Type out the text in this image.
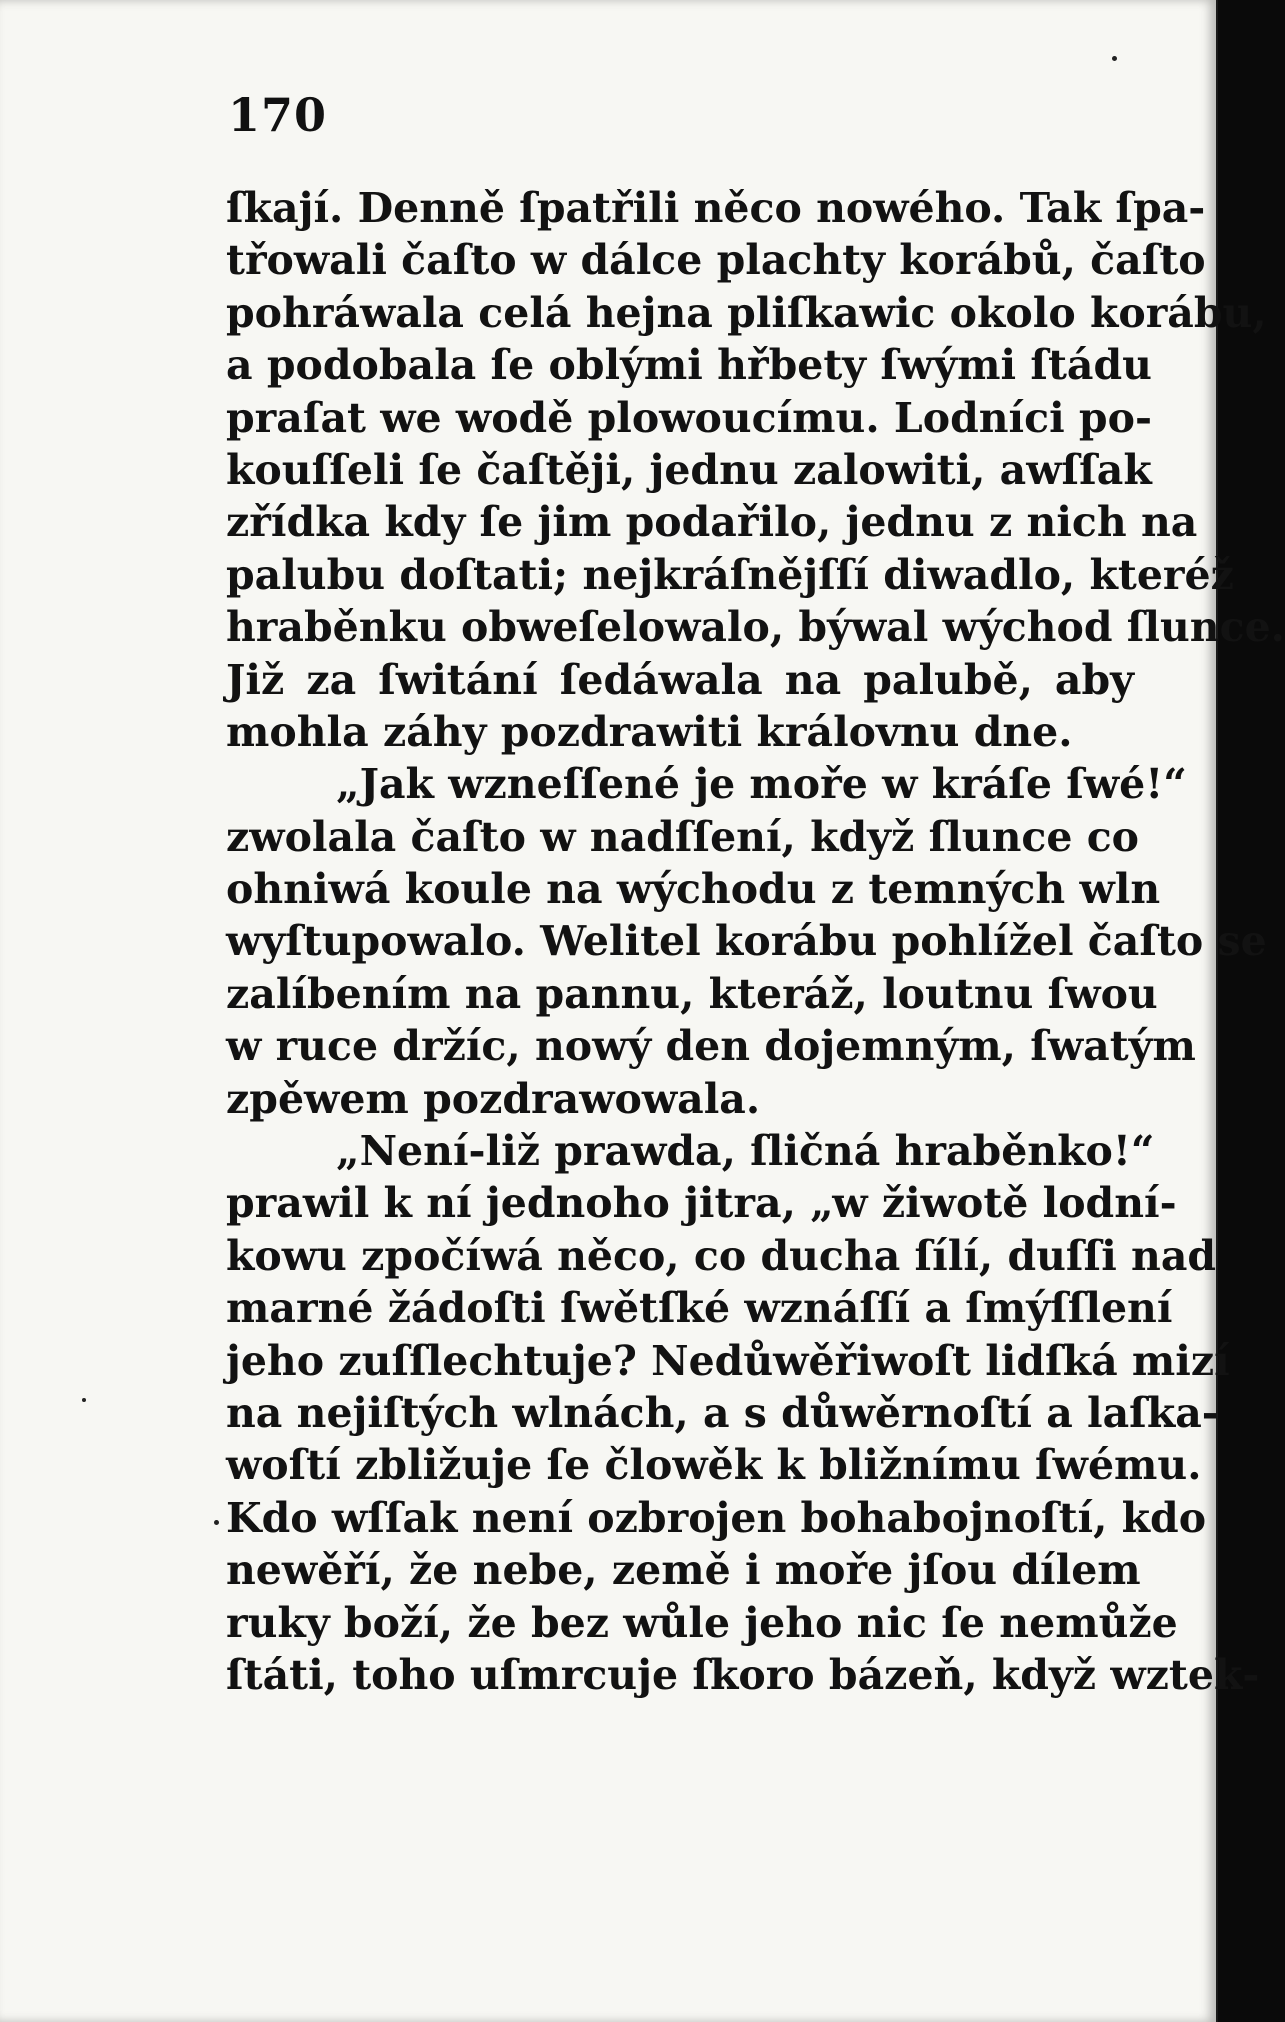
170
ſkají. Denně ſpatřili něco nowého. Tak ſpa‑
třowali čaſto w dálce plachty korábů, čaſto
pohráwala celá hejna pliſkawic okolo korábu,
a podobala ſe oblými hřbety ſwými ſtádu
praſat we wodě plowoucímu. Lodníci po‑
kouſſeli ſe čaſtěji, jednu zalowiti, awſſak
zřídka kdy ſe jim podařilo, jednu z nich na
palubu doſtati; nejkráſnějſſí diwadlo, kteréž
hraběnku obweſelowalo, býwal wýchod ſlunce.
Již za ſwitání ſedáwala na palubě, aby
mohla záhy pozdrawiti královnu dne.
„Jak wzneſſené je moře w kráſe ſwé!“
zwolala čaſto w nadſſení, když ſlunce co
ohniwá koule na wýchodu z temných wln
wyſtupowalo. Welitel korábu pohlížel čaſto se
zalíbením na pannu, kteráž, loutnu ſwou
w ruce držíc, nowý den dojemným, ſwatým
zpěwem pozdrawowala.
„Není‑liž prawda, ſličná hraběnko!“
prawil k ní jednoho jitra, „w žiwotě lodní‑
kowu zpočíwá něco, co ducha ſílí, duſſi nad
marné žádoſti ſwětſké wznáſſí a ſmýſſlení
jeho zuſſlechtuje? Nedůwěřiwoſt lidſká mizí
na nejiſtých wlnách, a s důwěrnoſtí a laſka‑
woſtí zbližuje ſe člowěk k bližnímu ſwému.
Kdo wſſak není ozbrojen bohabojnoſtí, kdo
newěří, že nebe, země i moře jſou dílem
ruky boží, že bez wůle jeho nic ſe nemůže
ſtáti, toho uſmrcuje ſkoro bázeň, když wztek‑
